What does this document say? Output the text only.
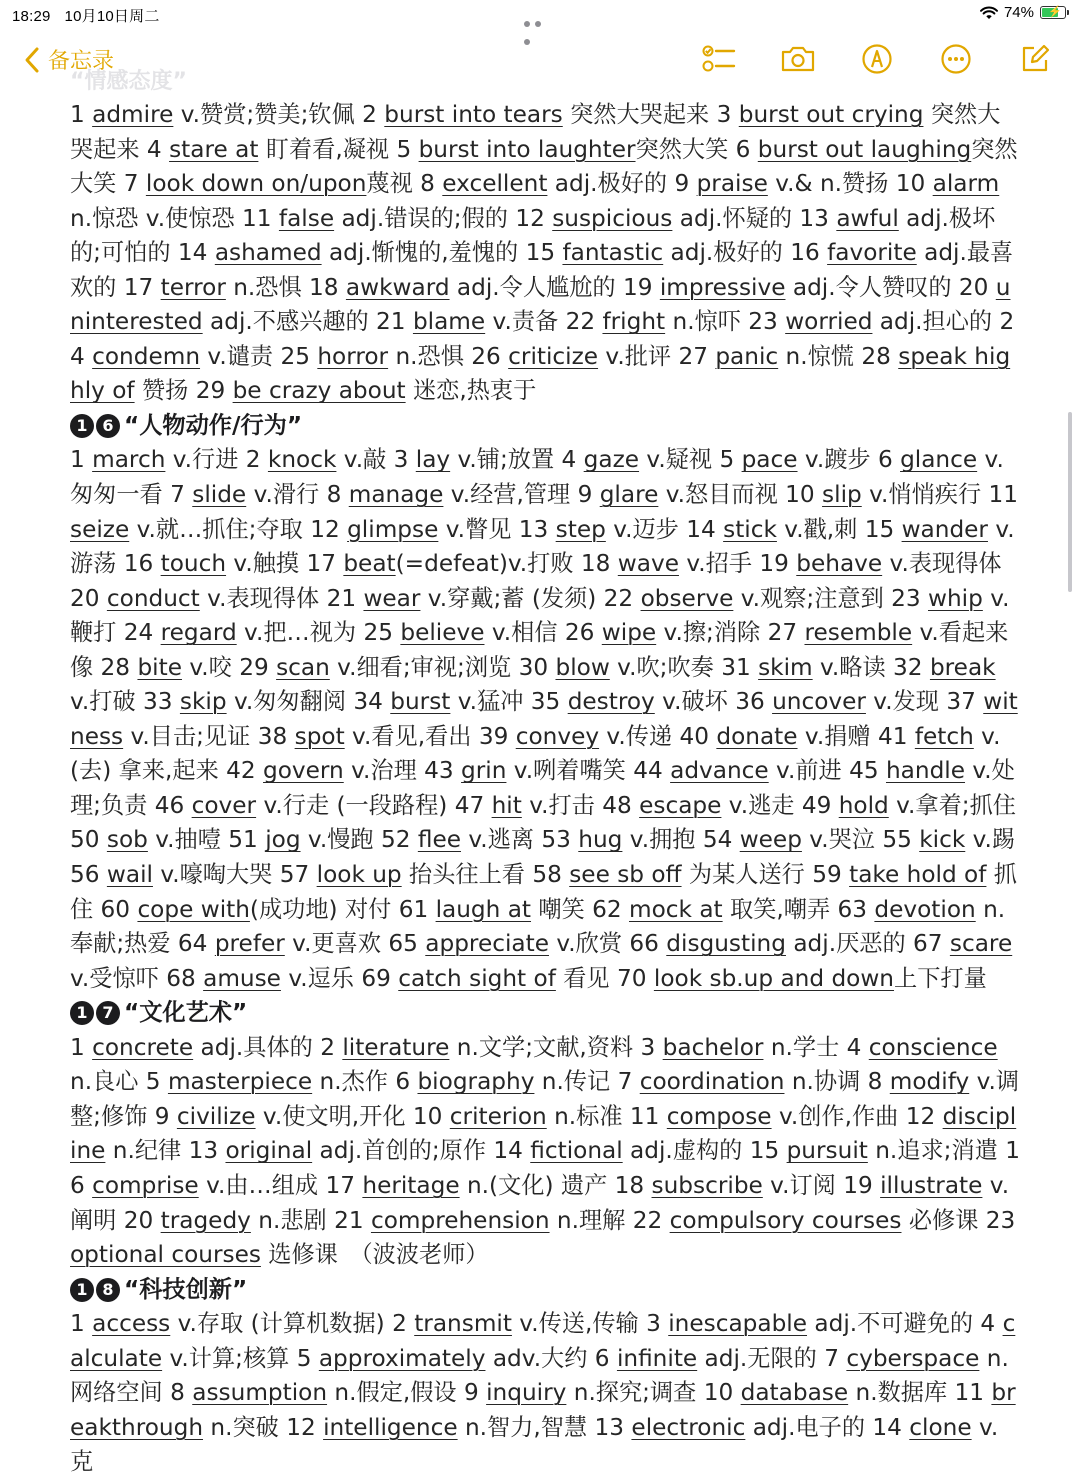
18:29 10月10日周二	74% ⚡
备忘录
“情感态度”

1 admire v.赞赏;赞美;钦佩 2 burst into tears 突然大哭起来 3 burst out crying 突然大哭起来 4 stare at 盯着看,凝视 5 burst into laughter突然大笑 6 burst out laughing突然大笑 7 look down on/upon蔑视 8 excellent adj.极好的 9 praise v.& n.赞扬 10 alarm n.惊恐 v.使惊恐 11 false adj.错误的;假的 12 suspicious adj.怀疑的 13 awful adj.极坏的;可怕的 14 ashamed adj.惭愧的,羞愧的 15 fantastic adj.极好的 16 favorite adj.最喜欢的 17 terror n.恐惧 18 awkward adj.令人尴尬的 19 impressive adj.令人赞叹的 20 uninterested adj.不感兴趣的 21 blame v.责备 22 fright n.惊吓 23 worried adj.担心的 24 condemn v.谴责 25 horror n.恐惧 26 criticize v.批评 27 panic n.惊慌 28 speak highly of 赞扬 29 be crazy about 迷恋,热衷于

1 6 “人物动作/行为”

1 march v.行进 2 knock v.敲 3 lay v.铺;放置 4 gaze v.疑视 5 pace v.踱步 6 glance v.匆匆一看 7 slide v.滑行 8 manage v.经营,管理 9 glare v.怒目而视 10 slip v.悄悄疾行 11 seize v.就…抓住;夺取 12 glimpse v.瞥见 13 step v.迈步 14 stick v.戳,刺 15 wander v.游荡 16 touch v.触摸 17 beat(=defeat)v.打败 18 wave v.招手 19 behave v.表现得体 20 conduct v.表现得体 21 wear v.穿戴;蓄 (发须) 22 observe v.观察;注意到 23 whip v.鞭打 24 regard v.把…视为 25 believe v.相信 26 wipe v.擦;消除 27 resemble v.看起来像 28 bite v.咬 29 scan v.细看;审视;浏览 30 blow v.吹;吹奏 31 skim v.略读 32 break v.打破 33 skip v.匆匆翻阅 34 burst v.猛冲 35 destroy v.破坏 36 uncover v.发现 37 witness v.目击;见证 38 spot v.看见,看出 39 convey v.传递 40 donate v.捐赠 41 fetch v.(去) 拿来,起来 42 govern v.治理 43 grin v.咧着嘴笑 44 advance v.前进 45 handle v.处理;负责 46 cover v.行走 (一段路程) 47 hit v.打击 48 escape v.逃走 49 hold v.拿着;抓住 50 sob v.抽噎 51 jog v.慢跑 52 flee v.逃离 53 hug v.拥抱 54 weep v.哭泣 55 kick v.踢 56 wail v.嚎啕大哭 57 look up 抬头往上看 58 see sb off 为某人送行 59 take hold of 抓住 60 cope with(成功地) 对付 61 laugh at 嘲笑 62 mock at 取笑,嘲弄 63 devotion n.奉献;热爱 64 prefer v.更喜欢 65 appreciate v.欣赏 66 disgusting adj.厌恶的 67 scare v.受惊吓 68 amuse v.逗乐 69 catch sight of 看见 70 look sb.up and down上下打量

1 7 “文化艺术”

1 concrete adj.具体的 2 literature n.文学;文献,资料 3 bachelor n.学士 4 conscience n.良心 5 masterpiece n.杰作 6 biography n.传记 7 coordination n.协调 8 modify v.调整;修饰 9 civilize v.使文明,开化 10 criterion n.标准 11 compose v.创作,作曲 12 discipline n.纪律 13 original adj.首创的;原作 14 fictional adj.虚构的 15 pursuit n.追求;消遣 16 comprise v.由…组成 17 heritage n.(文化) 遗产 18 subscribe v.订阅 19 illustrate v.阐明 20 tragedy n.悲剧 21 comprehension n.理解 22 compulsory courses 必修课 23 optional courses 选修课　（波波老师）

1 8 “科技创新”

1 access v.存取 (计算机数据) 2 transmit v.传送,传输 3 inescapable adj.不可避免的 4 calculate v.计算;核算 5 approximately adv.大约 6 infinite adj.无限的 7 cyberspace n.网络空间 8 assumption n.假定,假设 9 inquiry n.探究;调查 10 database n.数据库 11 breakthrough n.突破 12 intelligence n.智力,智慧 13 electronic adj.电子的 14 clone v.克
